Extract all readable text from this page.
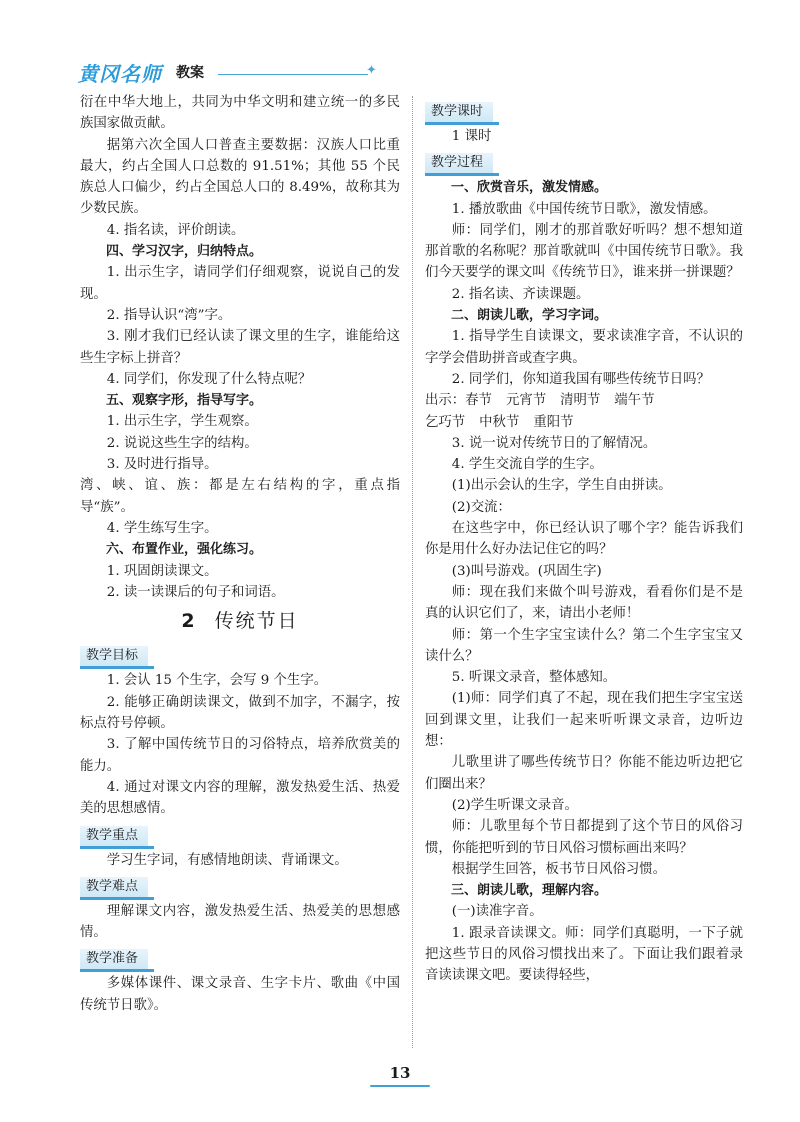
黄冈名师 教案	✦

衍在中华大地上，共同为中华文明和建立统一的多民族国家做贡献。

据第六次全国人口普查主要数据：汉族人口比重最大，约占全国人口总数的 91.51%；其他 55 个民族总人口偏少，约占全国总人口的 8.49%，故称其为少数民族。

4. 指名读，评价朗读。

四、学习汉字，归纳特点。

1. 出示生字，请同学们仔细观察，说说自己的发现。

2. 指导认识“湾”字。

3. 刚才我们已经认读了课文里的生字，谁能给这些生字标上拼音？

4. 同学们，你发现了什么特点呢？

五、观察字形，指导写字。

1. 出示生字，学生观察。

2. 说说这些生字的结构。

3. 及时进行指导。

湾、峡、谊、族：都是左右结构的字，重点指导“族”。

4. 学生练写生字。

六、布置作业，强化练习。

1. 巩固朗读课文。

2. 读一读课后的句子和词语。

2 传统节日
教学目标

1. 会认 15 个生字，会写 9 个生字。

2. 能够正确朗读课文，做到不加字，不漏字，按标点符号停顿。

3. 了解中国传统节日的习俗特点，培养欣赏美的能力。

4. 通过对课文内容的理解，激发热爱生活、热爱美的思想感情。

教学重点

学习生字词，有感情地朗读、背诵课文。

教学难点

理解课文内容，激发热爱生活、热爱美的思想感情。

教学准备

多媒体课件、课文录音、生字卡片、歌曲《中国传统节日歌》。

教学课时

1 课时

教学过程

一、欣赏音乐，激发情感。

1. 播放歌曲《中国传统节日歌》，激发情感。

师：同学们，刚才的那首歌好听吗？想不想知道那首歌的名称呢？那首歌就叫《中国传统节日歌》。我们今天要学的课文叫《传统节日》，谁来拼一拼课题？

2. 指名读、齐读课题。

二、朗读儿歌，学习字词。

1. 指导学生自读课文，要求读准字音，不认识的字学会借助拼音或查字典。

2. 同学们，你知道我国有哪些传统节日吗？

出示：春节 元宵节 清明节 端午节
乞巧节 中秋节 重阳节

3. 说一说对传统节日的了解情况。

4. 学生交流自学的生字。

(1)出示会认的生字，学生自由拼读。

(2)交流：

在这些字中，你已经认识了哪个字？能告诉我们你是用什么好办法记住它的吗？

(3)叫号游戏。(巩固生字)

师：现在我们来做个叫号游戏，看看你们是不是真的认识它们了，来，请出小老师！

师：第一个生字宝宝读什么？第二个生字宝宝又读什么？

5. 听课文录音，整体感知。

(1)师：同学们真了不起，现在我们把生字宝宝送回到课文里，让我们一起来听听课文录音，边听边想：

儿歌里讲了哪些传统节日？你能不能边听边把它们圈出来？

(2)学生听课文录音。

师：儿歌里每个节日都提到了这个节日的风俗习惯，你能把听到的节日风俗习惯标画出来吗？

根据学生回答，板书节日风俗习惯。

三、朗读儿歌，理解内容。

(一)读准字音。

1. 跟录音读课文。师：同学们真聪明，一下子就把这些节日的风俗习惯找出来了。下面让我们跟着录音读读课文吧。要读得轻些，

13
